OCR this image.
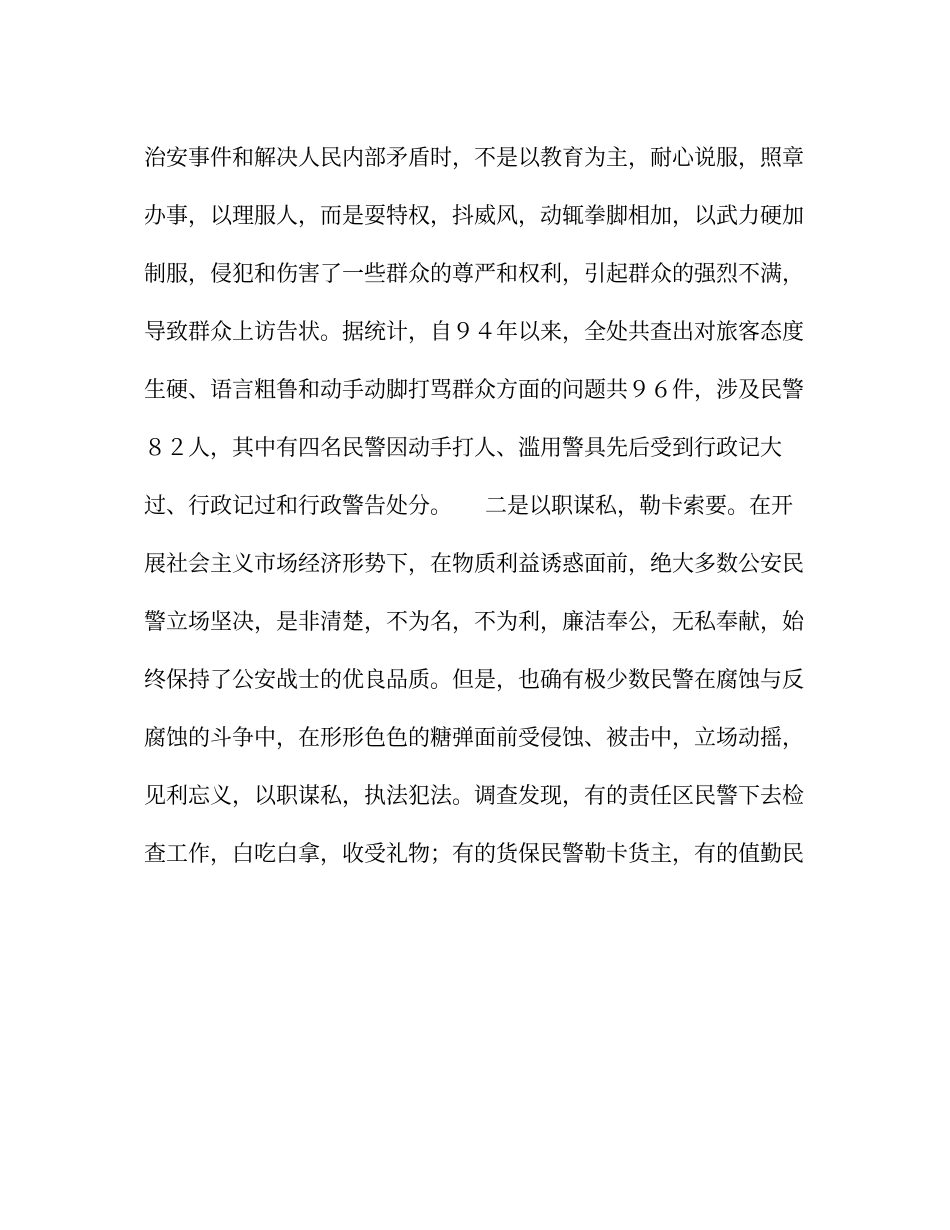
治安事件和解决人民内部矛盾时，不是以教育为主，耐心说服，照章
办事，以理服人，而是耍特权，抖威风，动辄拳脚相加，以武力硬加
制服，侵犯和伤害了一些群众的尊严和权利，引起群众的强烈不满，
导致群众上访告状。据统计，自９４年以来，全处共查出对旅客态度
生硬、语言粗鲁和动手动脚打骂群众方面的问题共９６件，涉及民警
８２人，其中有四名民警因动手打人、滥用警具先后受到行政记大
过、行政记过和行政警告处分。　　二是以职谋私，勒卡索要。在开
展社会主义市场经济形势下，在物质利益诱惑面前，绝大多数公安民
警立场坚决，是非清楚，不为名，不为利，廉洁奉公，无私奉献，始
终保持了公安战士的优良品质。但是，也确有极少数民警在腐蚀与反
腐蚀的斗争中，在形形色色的糖弹面前受侵蚀、被击中，立场动摇，
见利忘义，以职谋私，执法犯法。调查发现，有的责任区民警下去检
查工作，白吃白拿，收受礼物；有的货保民警勒卡货主，有的值勤民
